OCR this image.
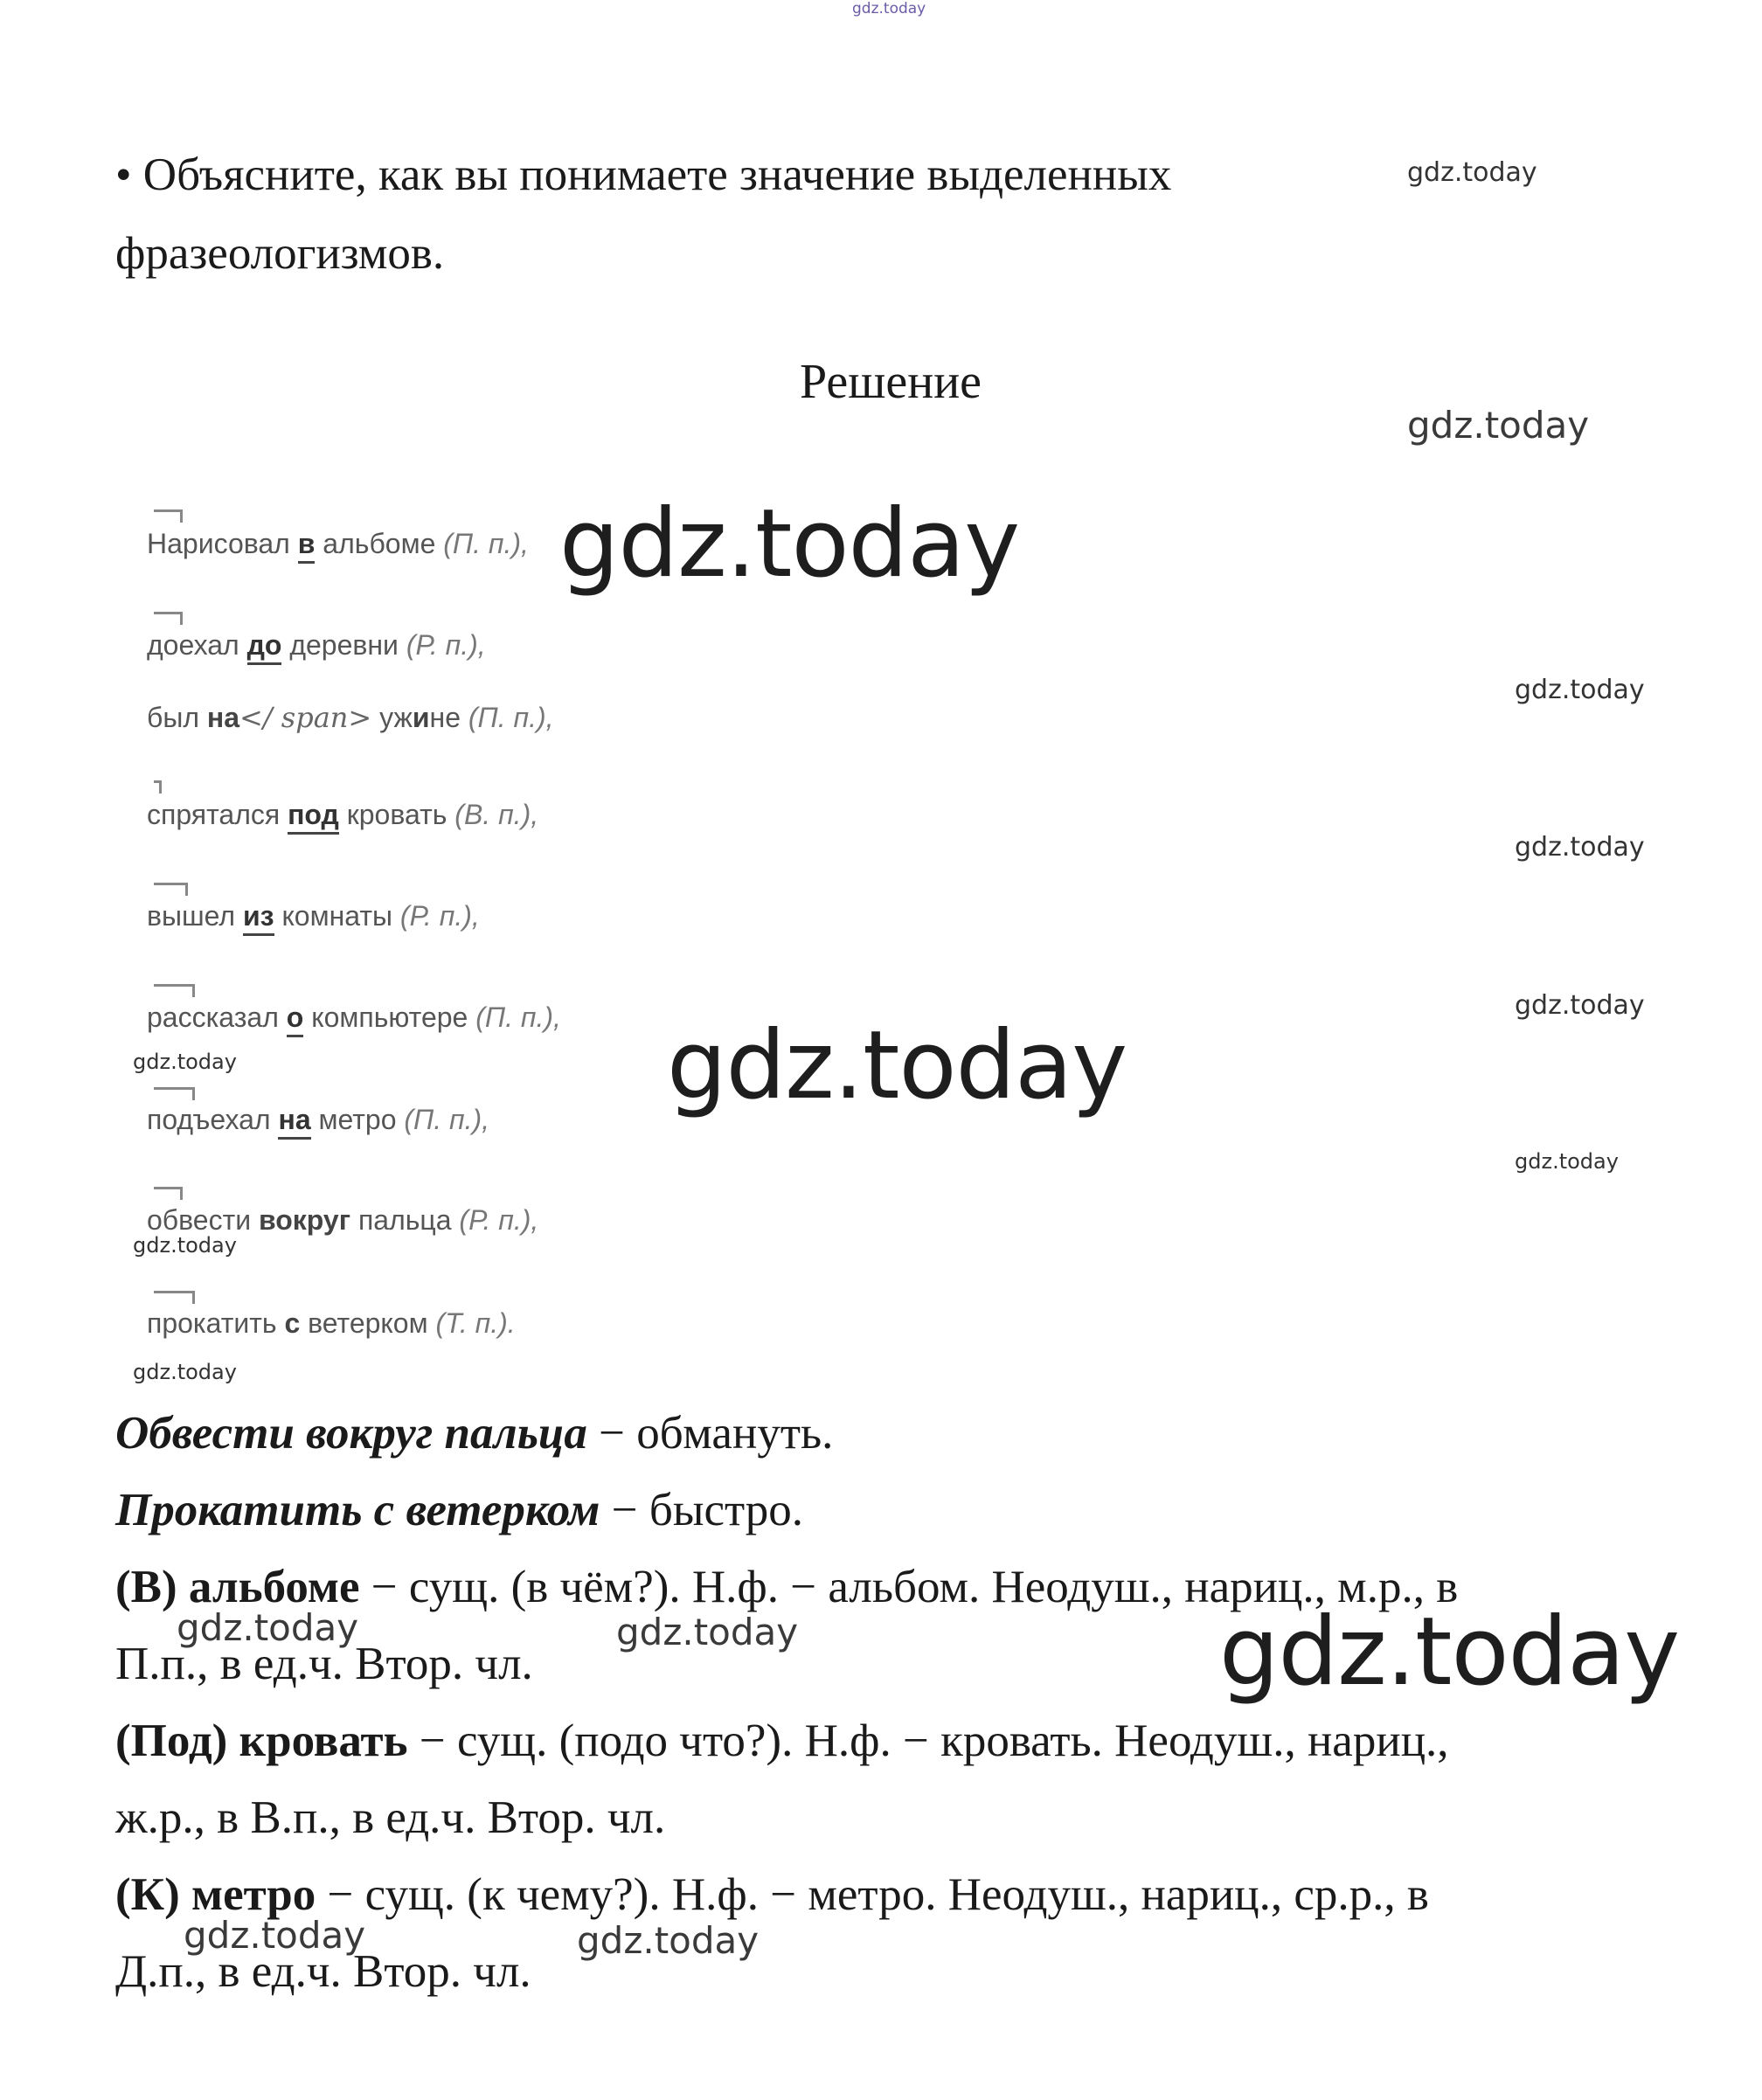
gdz.today
• Объясните, как вы понимаете значение выделенных
фразеологизмов.
Решение
Нарисовал в альбоме (П. п.),
доехал до деревни (Р. п.),
был на</ span> ужине (П. п.),
спрятался под кровать (В. п.),
вышел из комнаты (Р. п.),
рассказал о компьютере (П. п.),
подъехал на метро (П. п.),
обвести вокруг пальца (Р. п.),
прокатить с ветерком (Т. п.).
Обвести вокруг пальца − обмануть.
Прокатить с ветерком − быстро.
(В) альбоме − сущ. (в чём?). Н.ф. − альбом. Неодуш., нариц., м.р., в
П.п., в ед.ч. Втор. чл.
(Под) кровать − сущ. (подо что?). Н.ф. − кровать. Неодуш., нариц.,
ж.р., в В.п., в ед.ч. Втор. чл.
(К) метро − сущ. (к чему?). Н.ф. − метро. Неодуш., нариц., ср.р., в
Д.п., в ед.ч. Втор. чл.
gdz.today
gdz.today
gdz.today
gdz.today
gdz.today
gdz.today
gdz.today	gdz.today
gdz.today
gdz.today
gdz.today
gdz.today	gdz.today	gdz.today
gdz.today	gdz.today
